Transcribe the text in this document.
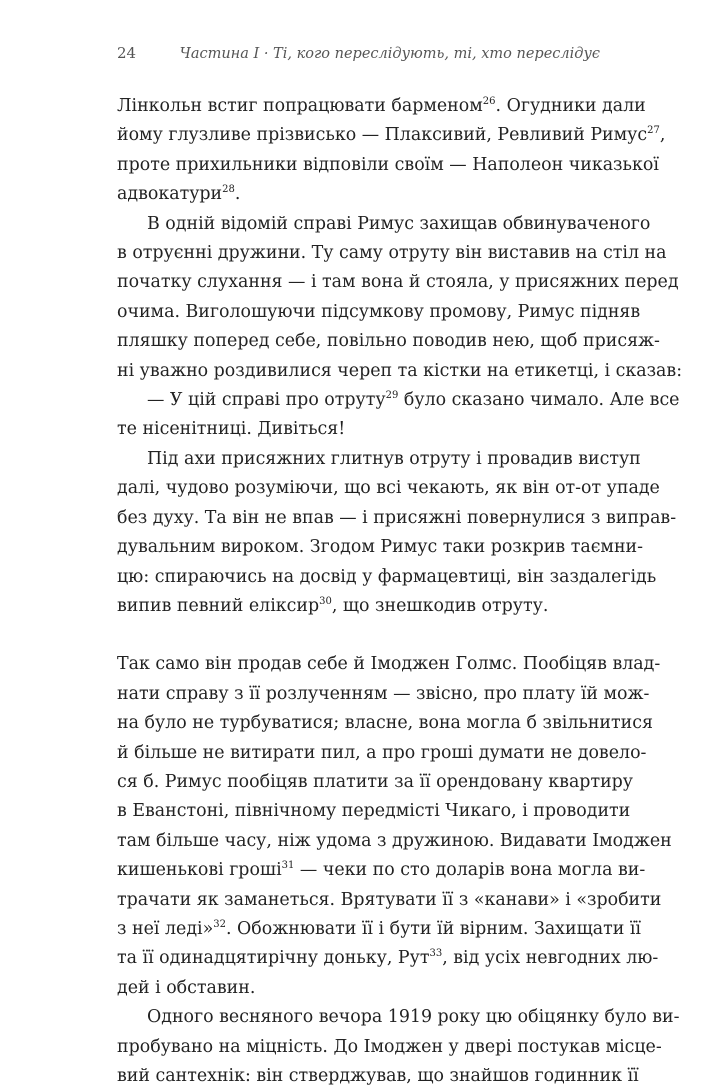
24	Частина I · Ті, кого переслідують, ті, хто переслідує
Лінкольн встиг попрацювати барменом$^{26}$. Огудники дали
йому глузливе прізвисько — Плаксивий, Ревливий Римус$^{27}$,
проте прихильники відповіли своїм — Наполеон чиказької
адвокатури$^{28}$.
В одній відомій справі Римус захищав обвинуваченого
в отруєнні дружини. Ту саму отруту він виставив на стіл на
початку слухання — і там вона й стояла, у присяжних перед
очима. Виголошуючи підсумкову промову, Римус підняв
пляшку поперед себе, повільно поводив нею, щоб присяж-
ні уважно роздивилися череп та кістки на етикетці, і сказав:
— У цій справі про отруту$^{29}$ було сказано чимало. Але все
те нісенітниці. Дивіться!
Під ахи присяжних глитнув отруту і провадив виступ
далі, чудово розуміючи, що всі чекають, як він от-от упаде
без духу. Та він не впав — і присяжні повернулися з виправ-
дувальним вироком. Згодом Римус таки розкрив таємни-
цю: спираючись на досвід у фармацевтиці, він заздалегідь
випив певний еліксир$^{30}$, що знешкодив отруту.
Так само він продав себе й Імоджен Голмс. Пообіцяв влад-
нати справу з її розлученням — звісно, про плату їй мож-
на було не турбуватися; власне, вона могла б звільнитися
й більше не витирати пил, а про гроші думати не довело-
ся б. Римус пообіцяв платити за її орендовану квартиру
в Еванстоні, північному передмісті Чикаго, і проводити
там більше часу, ніж удома з дружиною. Видавати Імоджен
кишенькові гроші$^{31}$ — чеки по сто доларів вона могла ви-
трачати як заманеться. Врятувати її з «канави» і «зробити
з неї леді»$^{32}$. Обожнювати її і бути їй вірним. Захищати її
та її одинадцятирічну доньку, Рут$^{33}$, від усіх невгодних лю-
дей і обставин.
Одного весняного вечора 1919 року цю обіцянку було ви-
пробувано на міцність. До Імоджен у двері постукав місце-
вий сантехнік: він стверджував, що знайшов годинник її
